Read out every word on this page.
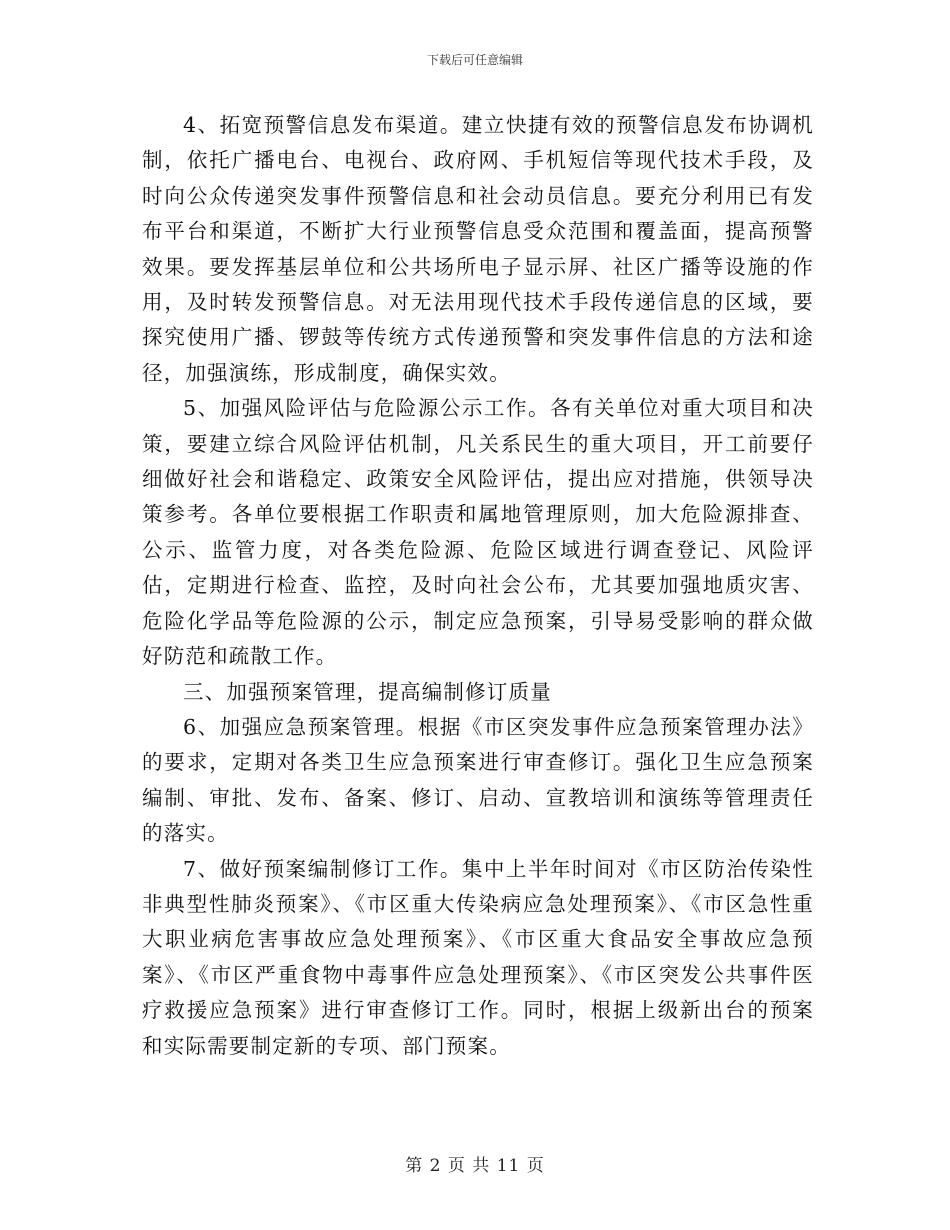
下载后可任意编辑

4、拓宽预警信息发布渠道。建立快捷有效的预警信息发布协调机制，依托广播电台、电视台、政府网、手机短信等现代技术手段，及时向公众传递突发事件预警信息和社会动员信息。要充分利用已有发布平台和渠道，不断扩大行业预警信息受众范围和覆盖面，提高预警效果。要发挥基层单位和公共场所电子显示屏、社区广播等设施的作用，及时转发预警信息。对无法用现代技术手段传递信息的区域，要探究使用广播、锣鼓等传统方式传递预警和突发事件信息的方法和途径，加强演练，形成制度，确保实效。

5、加强风险评估与危险源公示工作。各有关单位对重大项目和决策，要建立综合风险评估机制，凡关系民生的重大项目，开工前要仔细做好社会和谐稳定、政策安全风险评估，提出应对措施，供领导决策参考。各单位要根据工作职责和属地管理原则，加大危险源排查、公示、监管力度，对各类危险源、危险区域进行调查登记、风险评估，定期进行检查、监控，及时向社会公布，尤其要加强地质灾害、危险化学品等危险源的公示，制定应急预案，引导易受影响的群众做好防范和疏散工作。

三、加强预案管理，提高编制修订质量

6、加强应急预案管理。根据《市区突发事件应急预案管理办法》的要求，定期对各类卫生应急预案进行审查修订。强化卫生应急预案编制、审批、发布、备案、修订、启动、宣教培训和演练等管理责任的落实。

7、做好预案编制修订工作。集中上半年时间对《市区防治传染性非典型性肺炎预案》、《市区重大传染病应急处理预案》、《市区急性重大职业病危害事故应急处理预案》、《市区重大食品安全事故应急预案》、《市区严重食物中毒事件应急处理预案》、《市区突发公共事件医疗救援应急预案》进行审查修订工作。同时，根据上级新出台的预案和实际需要制定新的专项、部门预案。

第 2 页 共 11 页
